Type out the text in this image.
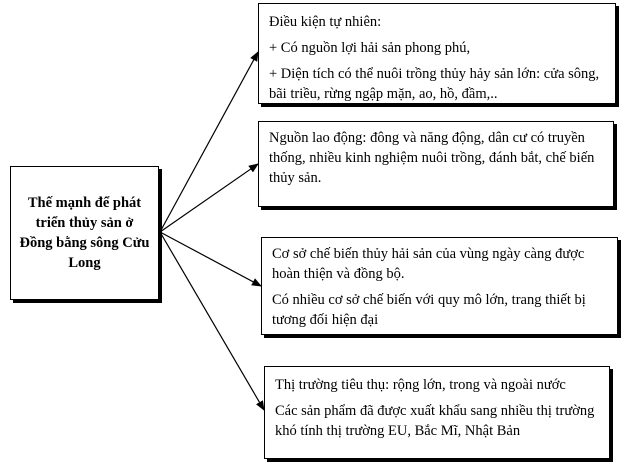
Thế mạnh để phát triển thủy sản ở Đồng bằng sông Cửu Long

Điều kiện tự nhiên:

+ Có nguồn lợi hải sản phong phú,

+ Diện tích có thể nuôi trồng thủy hảy sản lớn: cửa sông, bãi triều, rừng ngập mặn, ao, hồ, đầm,..

Nguồn lao động: đông và năng động, dân cư có truyền thống, nhiều kinh nghiệm nuôi trồng, đánh bắt, chế biến thủy sản.

Cơ sở chế biến thủy hải sản của vùng ngày càng được hoàn thiện và đồng bộ.

Có nhiều cơ sở chế biến với quy mô lớn, trang thiết bị tương đối hiện đại

Thị trường tiêu thụ: rộng lớn, trong và ngoài nước

Các sản phẩm đã được xuất khẩu sang nhiều thị trường khó tính thị trường EU, Bắc Mĩ, Nhật Bản
